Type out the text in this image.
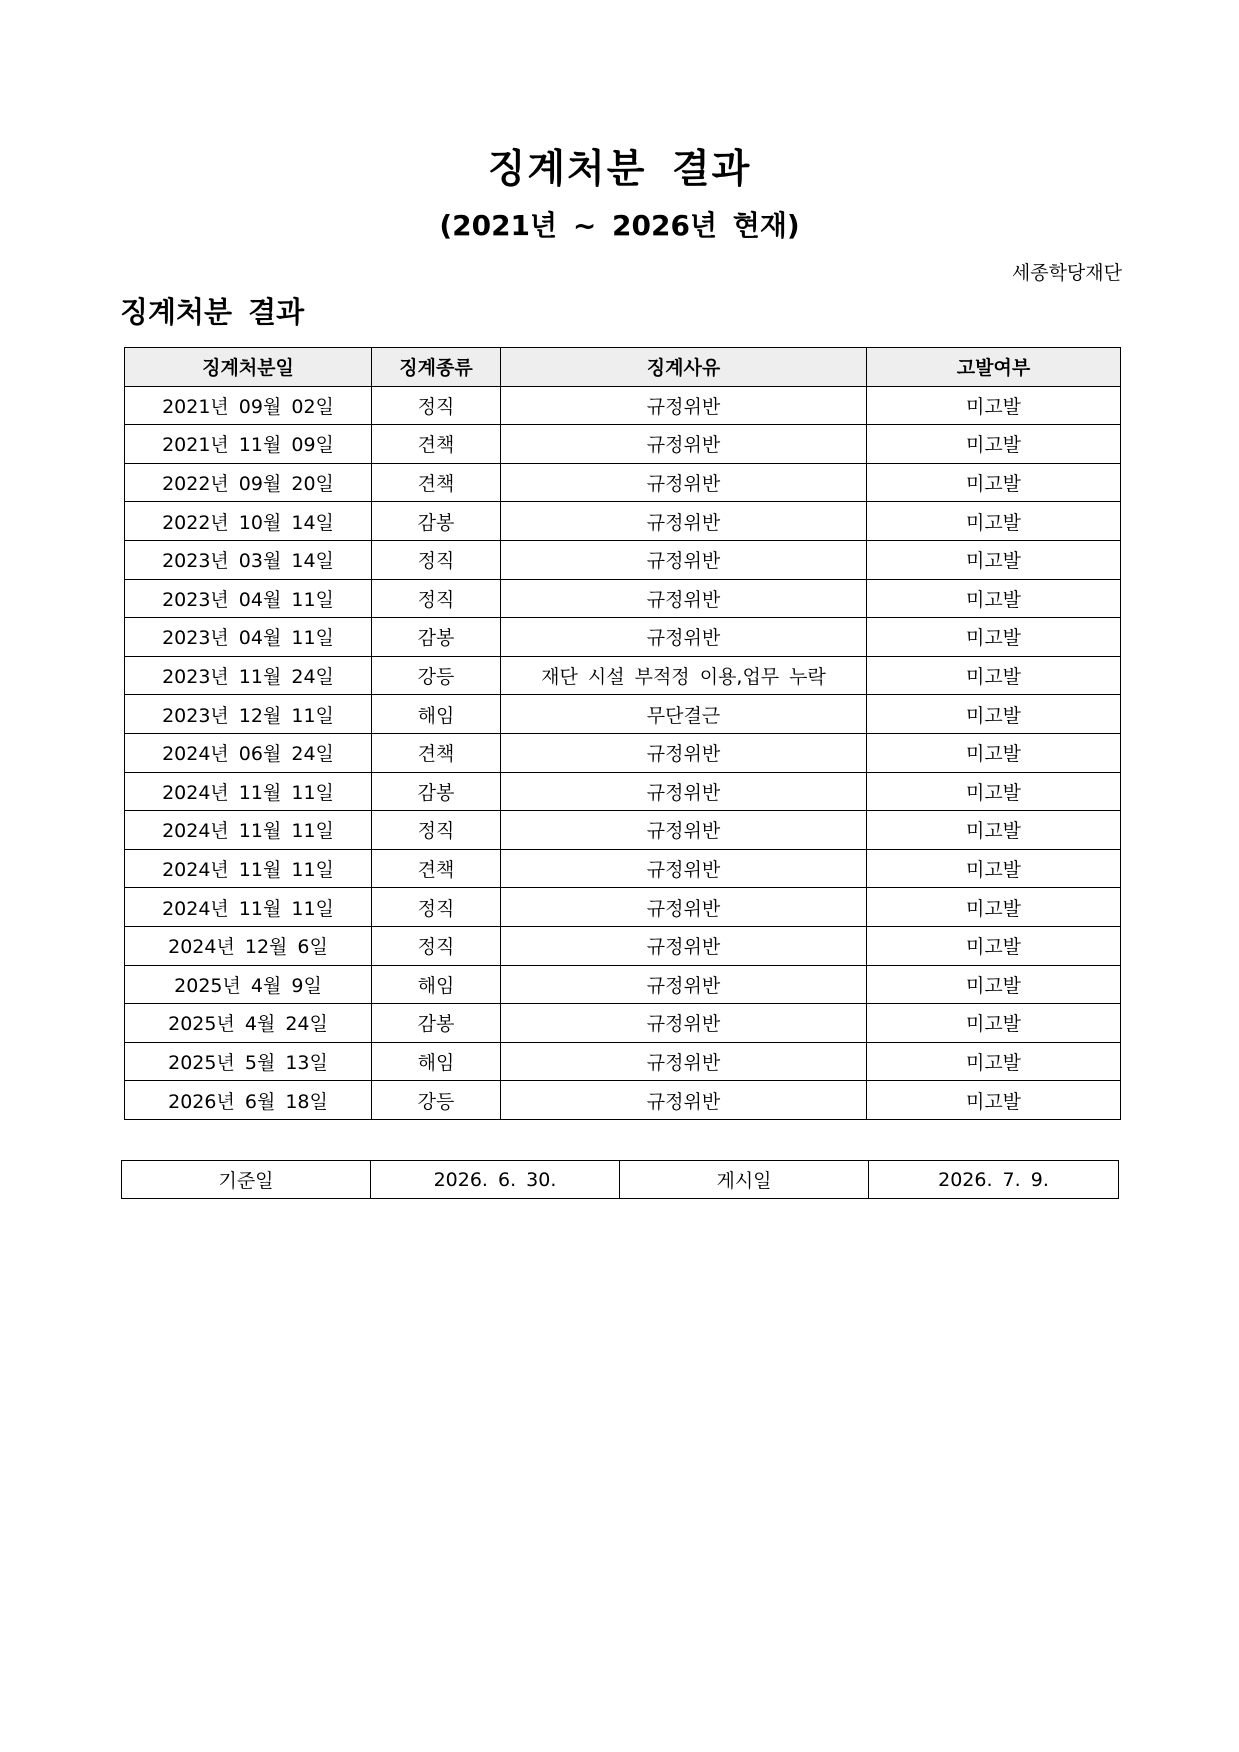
징계처분 결과
(2021년 ~ 2026년 현재)
세종학당재단
징계처분 결과
징계처분일	징계종류	징계사유	고발여부
2021년 09월 02일	정직	규정위반	미고발
2021년 11월 09일	견책	규정위반	미고발
2022년 09월 20일	견책	규정위반	미고발
2022년 10월 14일	감봉	규정위반	미고발
2023년 03월 14일	정직	규정위반	미고발
2023년 04월 11일	정직	규정위반	미고발
2023년 04월 11일	감봉	규정위반	미고발
2023년 11월 24일	강등	재단 시설 부적정 이용,업무 누락	미고발
2023년 12월 11일	해임	무단결근	미고발
2024년 06월 24일	견책	규정위반	미고발
2024년 11월 11일	감봉	규정위반	미고발
2024년 11월 11일	정직	규정위반	미고발
2024년 11월 11일	견책	규정위반	미고발
2024년 11월 11일	정직	규정위반	미고발
2024년 12월 6일	정직	규정위반	미고발
2025년 4월 9일	해임	규정위반	미고발
2025년 4월 24일	감봉	규정위반	미고발
2025년 5월 13일	해임	규정위반	미고발
2026년 6월 18일	강등	규정위반	미고발
기준일	2026. 6. 30.	게시일	2026. 7. 9.
